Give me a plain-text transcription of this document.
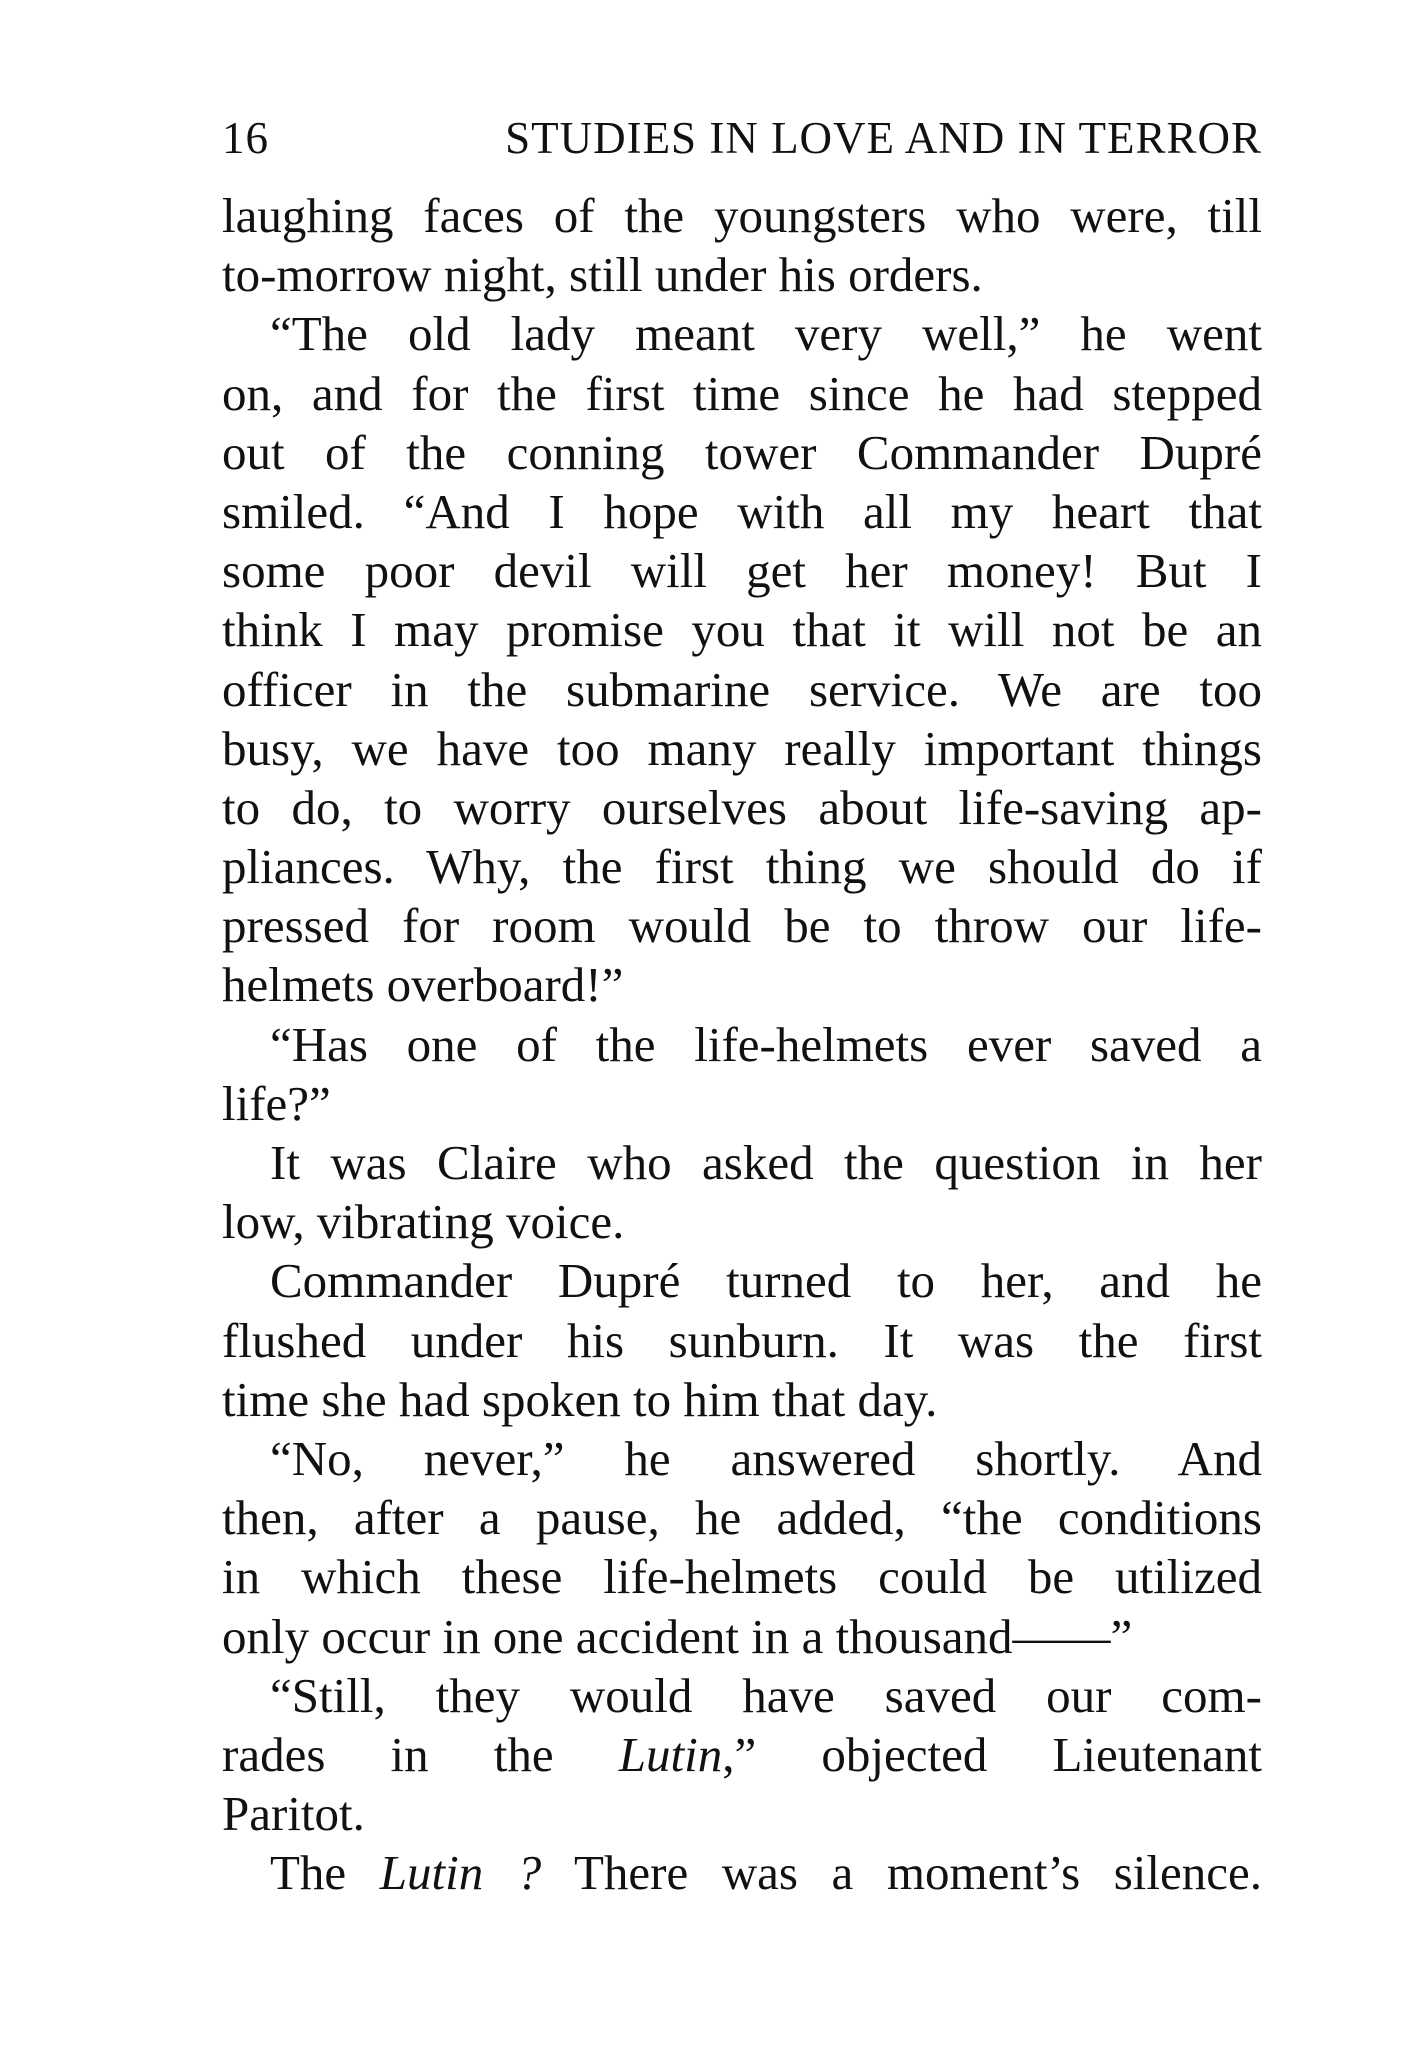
16	STUDIES IN LOVE AND IN TERROR
laughing faces of the youngsters who were, till
to-morrow night, still under his orders.
“The old lady meant very well,” he went
on, and for the first time since he had stepped
out of the conning tower Commander Dupré
smiled. “And I hope with all my heart that
some poor devil will get her money! But I
think I may promise you that it will not be an
officer in the submarine service. We are too
busy, we have too many really important things
to do, to worry ourselves about life-saving ap-
pliances. Why, the first thing we should do if
pressed for room would be to throw our life-
helmets overboard!”
“Has one of the life-helmets ever saved a
life?”
It was Claire who asked the question in her
low, vibrating voice.
Commander Dupré turned to her, and he
flushed under his sunburn. It was the first
time she had spoken to him that day.
“No, never,” he answered shortly. And
then, after a pause, he added, “the conditions
in which these life-helmets could be utilized
only occur in one accident in a thousand——”
“Still, they would have saved our com-
rades in the Lutin,” objected Lieutenant
Paritot.
The Lutin ? There was a moment’s silence.
